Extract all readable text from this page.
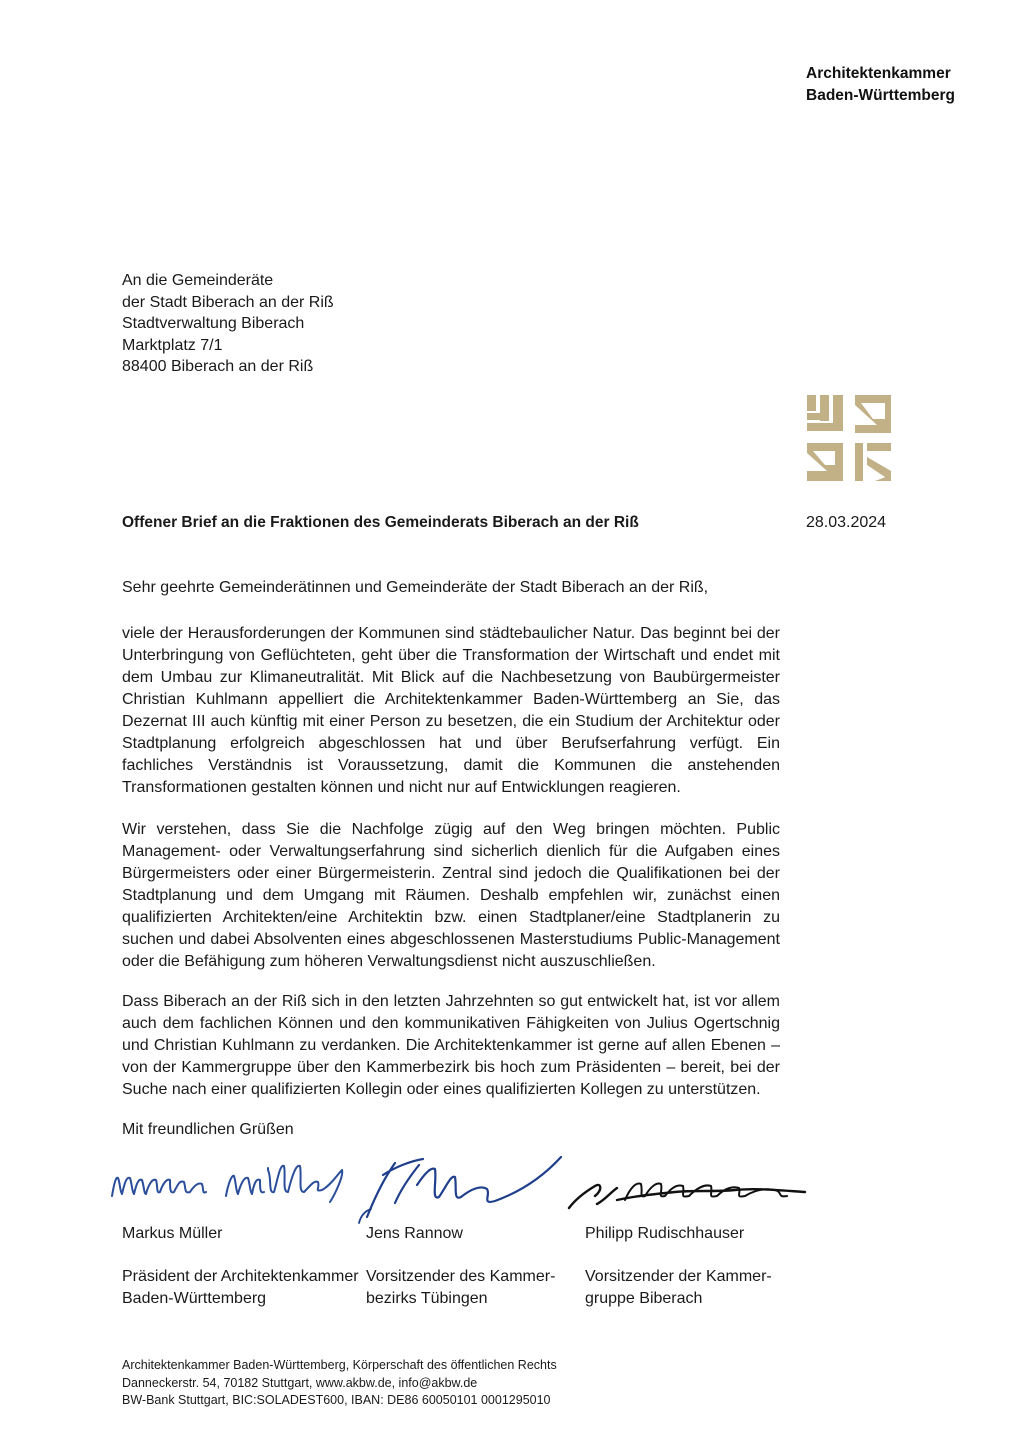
Architektenkammer
Baden-Württemberg
An die Gemeinderäte
der Stadt Biberach an der Riß
Stadtverwaltung Biberach
Marktplatz 7/1
88400 Biberach an der Riß
Offener Brief an die Fraktionen des Gemeinderats Biberach an der Riß	28.03.2024
Sehr geehrte Gemeinderätinnen und Gemeinderäte der Stadt Biberach an der Riß,
viele der Herausforderungen der Kommunen sind städtebaulicher Natur. Das beginnt bei der Unterbringung von Geflüchteten, geht über die Transformation der Wirtschaft und endet mit dem Umbau zur Klimaneutralität. Mit Blick auf die Nachbesetzung von Baubürgermeister Christian Kuhlmann appelliert die Architektenkammer Baden-Württemberg an Sie, das Dezernat III auch künftig mit einer Person zu besetzen, die ein Studium der Architektur oder Stadtplanung erfolgreich abgeschlossen hat und über Berufserfahrung verfügt. Ein fachliches Verständnis ist Voraussetzung, damit die Kommunen die anstehenden Transformationen gestalten können und nicht nur auf Entwicklungen reagieren.
Wir verstehen, dass Sie die Nachfolge zügig auf den Weg bringen möchten. Public Management- oder Verwaltungserfahrung sind sicherlich dienlich für die Aufgaben eines Bürgermeisters oder einer Bürgermeisterin. Zentral sind jedoch die Qualifikationen bei der Stadtplanung und dem Umgang mit Räumen. Deshalb empfehlen wir, zunächst einen qualifizierten Architekten/eine Architektin bzw. einen Stadtplaner/eine Stadtplanerin zu suchen und dabei Absolventen eines abgeschlossenen Masterstudiums Public-Management oder die Befähigung zum höheren Verwaltungsdienst nicht auszuschließen.
Dass Biberach an der Riß sich in den letzten Jahrzehnten so gut entwickelt hat, ist vor allem auch dem fachlichen Können und den kommunikativen Fähigkeiten von Julius Ogertschnig und Christian Kuhlmann zu verdanken. Die Architektenkammer ist gerne auf allen Ebenen – von der Kammergruppe über den Kammerbezirk bis hoch zum Präsidenten – bereit, bei der Suche nach einer qualifizierten Kollegin oder eines qualifizierten Kollegen zu unterstützen.
Mit freundlichen Grüßen
Markus Müller
Präsident der Architektenkammer
Baden-Württemberg
Jens Rannow
Vorsitzender des Kammer-
bezirks Tübingen
Philipp Rudischhauser
Vorsitzender der Kammer-
gruppe Biberach
Architektenkammer Baden-Württemberg, Körperschaft des öffentlichen Rechts
Danneckerstr. 54, 70182 Stuttgart, www.akbw.de, info@akbw.de
BW-Bank Stuttgart, BIC:SOLADEST600, IBAN: DE86 60050101 0001295010
